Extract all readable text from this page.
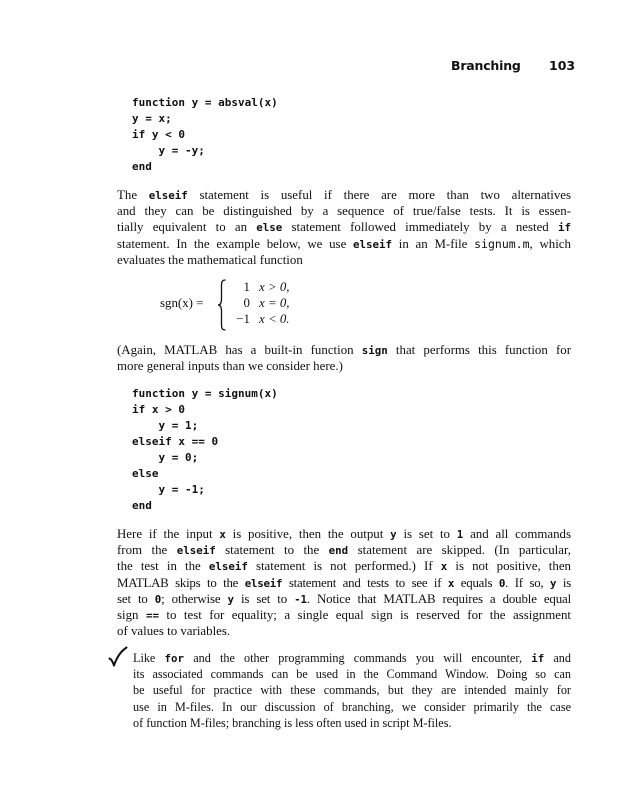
Branching 103
function y = absval(x)
y = x;
if y < 0
y = -y;
end
The elseif statement is useful if there are more than two alternatives
and they can be distinguished by a sequence of true/false tests. It is essen-
tially equivalent to an else statement followed immediately by a nested if
statement. In the example below, we use elseif in an M-file signum.m, which
evaluates the mathematical function
sgn(x) =
1 x > 0,
0 x = 0,
−1 x < 0.
(Again, MATLAB has a built-in function sign that performs this function for
more general inputs than we consider here.)
function y = signum(x)
if x > 0
y = 1;
elseif x == 0
y = 0;
else
y = -1;
end
Here if the input x is positive, then the output y is set to 1 and all commands
from the elseif statement to the end statement are skipped. (In particular,
the test in the elseif statement is not performed.) If x is not positive, then
MATLAB skips to the elseif statement and tests to see if x equals 0. If so, y is
set to 0; otherwise y is set to -1. Notice that MATLAB requires a double equal
sign == to test for equality; a single equal sign is reserved for the assignment
of values to variables.
Like for and the other programming commands you will encounter, if and
its associated commands can be used in the Command Window. Doing so can
be useful for practice with these commands, but they are intended mainly for
use in M-files. In our discussion of branching, we consider primarily the case
of function M-files; branching is less often used in script M-files.
